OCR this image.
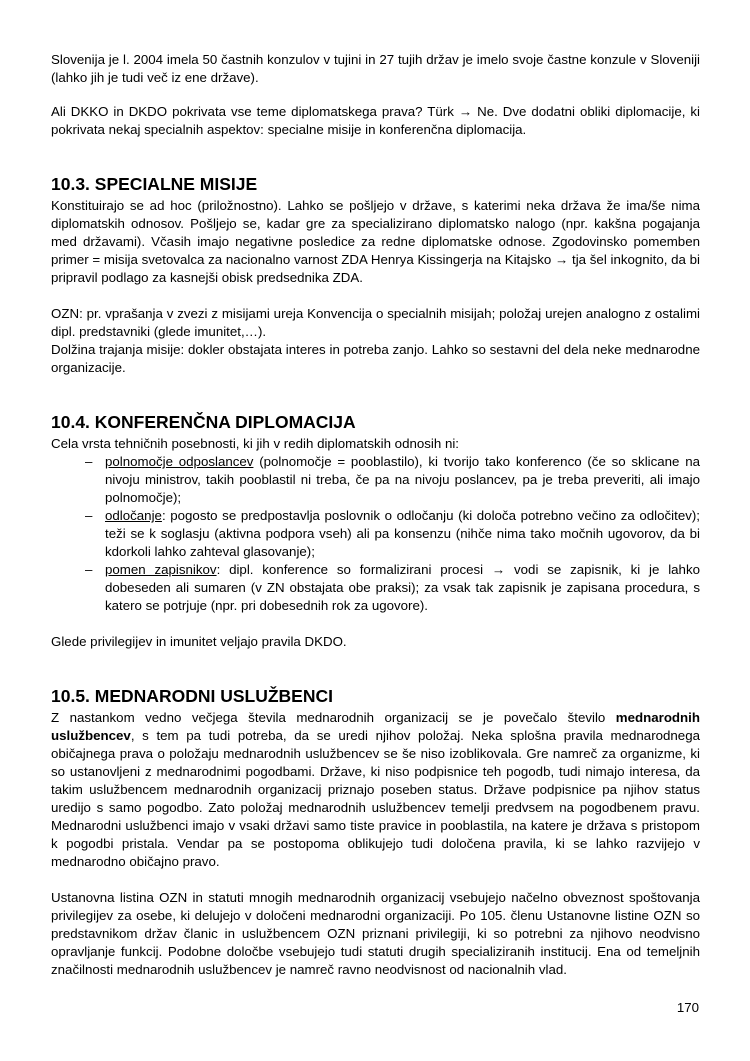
Slovenija je l. 2004 imela 50 častnih konzulov v tujini in 27 tujih držav je imelo svoje častne konzule v Sloveniji (lahko jih je tudi več iz ene države).

Ali DKKO in DKDO pokrivata vse teme diplomatskega prava? Türk → Ne. Dve dodatni obliki diplomacije, ki pokrivata nekaj specialnih aspektov: specialne misije in konferenčna diplomacija.

10.3. SPECIALNE MISIJE

Konstituirajo se ad hoc (priložnostno). Lahko se pošljejo v države, s katerimi neka država že ima/še nima diplomatskih odnosov. Pošljejo se, kadar gre za specializirano diplomatsko nalogo (npr. kakšna pogajanja med državami). Včasih imajo negativne posledice za redne diplomatske odnose. Zgodovinsko pomemben primer = misija svetovalca za nacionalno varnost ZDA Henrya Kissingerja na Kitajsko → tja šel inkognito, da bi pripravil podlago za kasnejši obisk predsednika ZDA.

OZN: pr. vprašanja v zvezi z misijami ureja Konvencija o specialnih misijah; položaj urejen analogno z ostalimi dipl. predstavniki (glede imunitet,…).

Dolžina trajanja misije: dokler obstajata interes in potreba zanjo. Lahko so sestavni del dela neke mednarodne organizacije.

10.4. KONFERENČNA DIPLOMACIJA

Cela vrsta tehničnih posebnosti, ki jih v redih diplomatskih odnosih ni:

– polnomočje odposlancev (polnomočje = pooblastilo), ki tvorijo tako konferenco (če so sklicane na nivoju ministrov, takih pooblastil ni treba, če pa na nivoju poslancev, pa je treba preveriti, ali imajo polnomočje);
– odločanje: pogosto se predpostavlja poslovnik o odločanju (ki določa potrebno večino za odločitev); teži se k soglasju (aktivna podpora vseh) ali pa konsenzu (nihče nima tako močnih ugovorov, da bi kdorkoli lahko zahteval glasovanje);
– pomen zapisnikov: dipl. konference so formalizirani procesi → vodi se zapisnik, ki je lahko dobeseden ali sumaren (v ZN obstajata obe praksi); za vsak tak zapisnik je zapisana procedura, s katero se potrjuje (npr. pri dobesednih rok za ugovore).

Glede privilegijev in imunitet veljajo pravila DKDO.

10.5. MEDNARODNI USLUŽBENCI

Z nastankom vedno večjega števila mednarodnih organizacij se je povečalo število mednarodnih uslužbencev, s tem pa tudi potreba, da se uredi njihov položaj. Neka splošna pravila mednarodnega običajnega prava o položaju mednarodnih uslužbencev se še niso izoblikovala. Gre namreč za organizme, ki so ustanovljeni z mednarodnimi pogodbami. Države, ki niso podpisnice teh pogodb, tudi nimajo interesa, da takim uslužbencem mednarodnih organizacij priznajo poseben status. Države podpisnice pa njihov status uredijo s samo pogodbo. Zato položaj mednarodnih uslužbencev temelji predvsem na pogodbenem pravu. Mednarodni uslužbenci imajo v vsaki državi samo tiste pravice in pooblastila, na katere je država s pristopom k pogodbi pristala. Vendar pa se postopoma oblikujejo tudi določena pravila, ki se lahko razvijejo v mednarodno običajno pravo.

Ustanovna listina OZN in statuti mnogih mednarodnih organizacij vsebujejo načelno obveznost spoštovanja privilegijev za osebe, ki delujejo v določeni mednarodni organizaciji. Po 105. členu Ustanovne listine OZN so predstavnikom držav članic in uslužbencem OZN priznani privilegiji, ki so potrebni za njihovo neodvisno opravljanje funkcij. Podobne določbe vsebujejo tudi statuti drugih specializiranih institucij. Ena od temeljnih značilnosti mednarodnih uslužbencev je namreč ravno neodvisnost od nacionalnih vlad.

170
